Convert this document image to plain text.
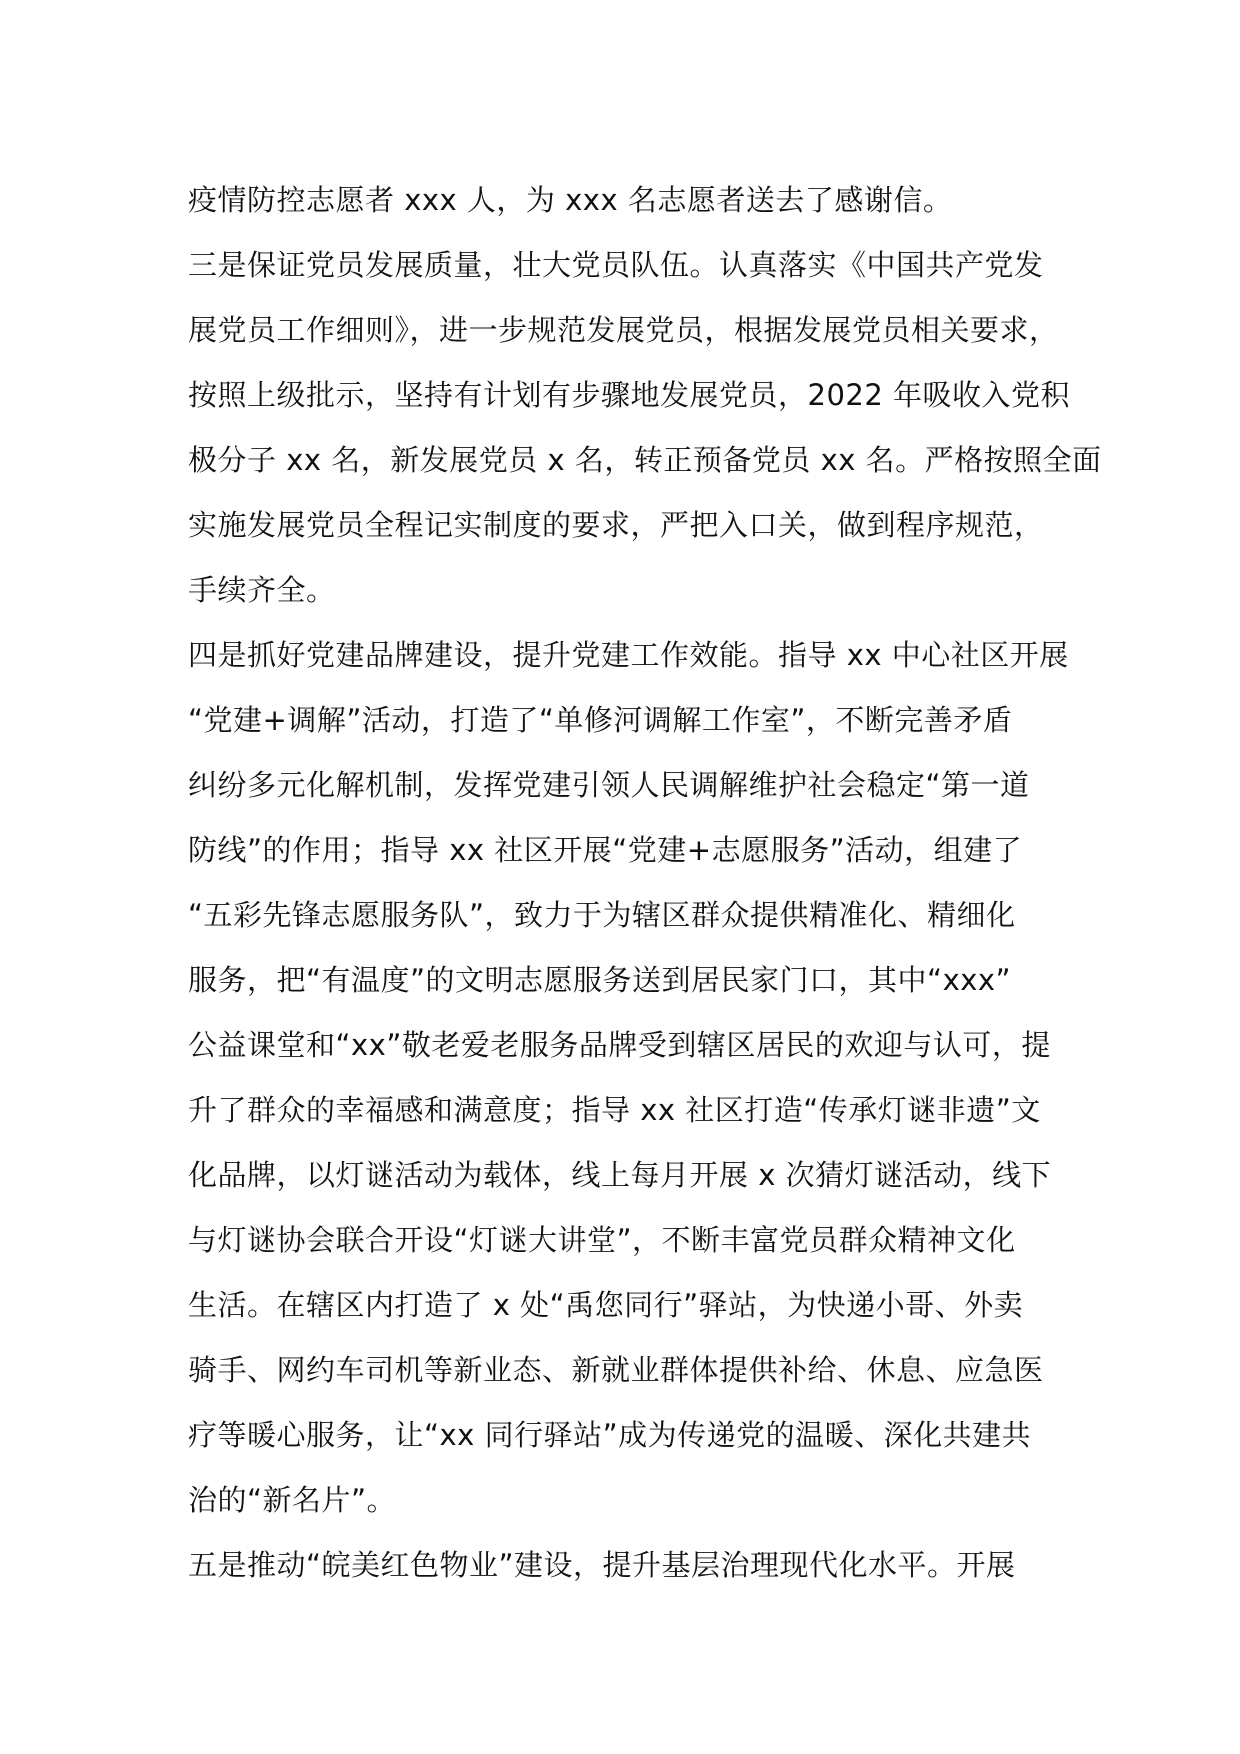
疫情防控志愿者 xxx 人，为 xxx 名志愿者送去了感谢信。
三是保证党员发展质量，壮大党员队伍。认真落实《中国共产党发
展党员工作细则》，进一步规范发展党员，根据发展党员相关要求，
按照上级批示，坚持有计划有步骤地发展党员，2022 年吸收入党积
极分子 xx 名，新发展党员 x 名，转正预备党员 xx 名。严格按照全面
实施发展党员全程记实制度的要求，严把入口关，做到程序规范，
手续齐全。
四是抓好党建品牌建设，提升党建工作效能。指导 xx 中心社区开展
“党建+调解”活动，打造了“单修河调解工作室”，不断完善矛盾
纠纷多元化解机制，发挥党建引领人民调解维护社会稳定“第一道
防线”的作用；指导 xx 社区开展“党建+志愿服务”活动，组建了
“五彩先锋志愿服务队”，致力于为辖区群众提供精准化、精细化
服务，把“有温度”的文明志愿服务送到居民家门口，其中“xxx”
公益课堂和“xx”敬老爱老服务品牌受到辖区居民的欢迎与认可，提
升了群众的幸福感和满意度；指导 xx 社区打造“传承灯谜非遗”文
化品牌，以灯谜活动为载体，线上每月开展 x 次猜灯谜活动，线下
与灯谜协会联合开设“灯谜大讲堂”，不断丰富党员群众精神文化
生活。在辖区内打造了 x 处“禹您同行”驿站，为快递小哥、外卖
骑手、网约车司机等新业态、新就业群体提供补给、休息、应急医
疗等暖心服务，让“xx 同行驿站”成为传递党的温暖、深化共建共
治的“新名片”。
五是推动“皖美红色物业”建设，提升基层治理现代化水平。开展
